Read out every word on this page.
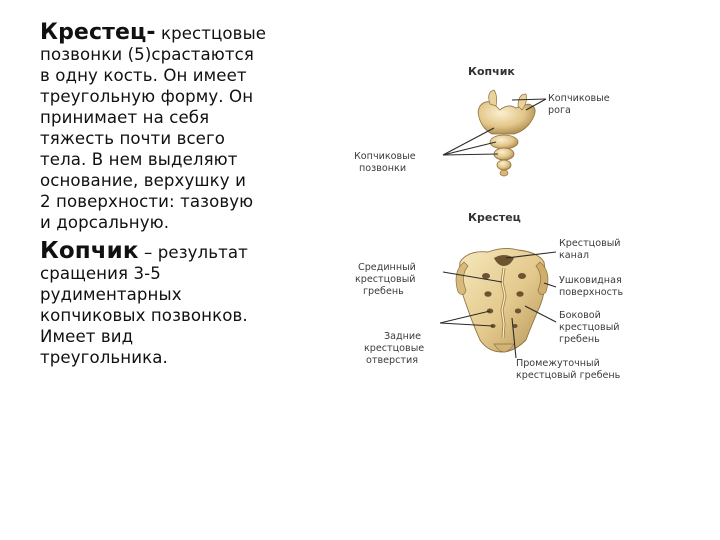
Крестец- крестцовые
позвонки (5)срастаются
в одну кость. Он имеет
треугольную форму. Он
принимает на себя
тяжесть почти всего
тела. В нем выделяют
основание, верхушку и
2 поверхности: тазовую
и дорсальную.

Копчик – результат
сращения 3-5
рудиментарных
копчиковых позвонков.
Имеет вид
треугольника.

Копчик
Копчиковые рога
Копчиковые позвонки
Крестец
Крестцовый канал
Срединный крестцовый гребень
Ушковидная поверхность
Боковой крестцовый гребень
Задние крестцовые отверстия	Промежуточный крестцовый гребень
